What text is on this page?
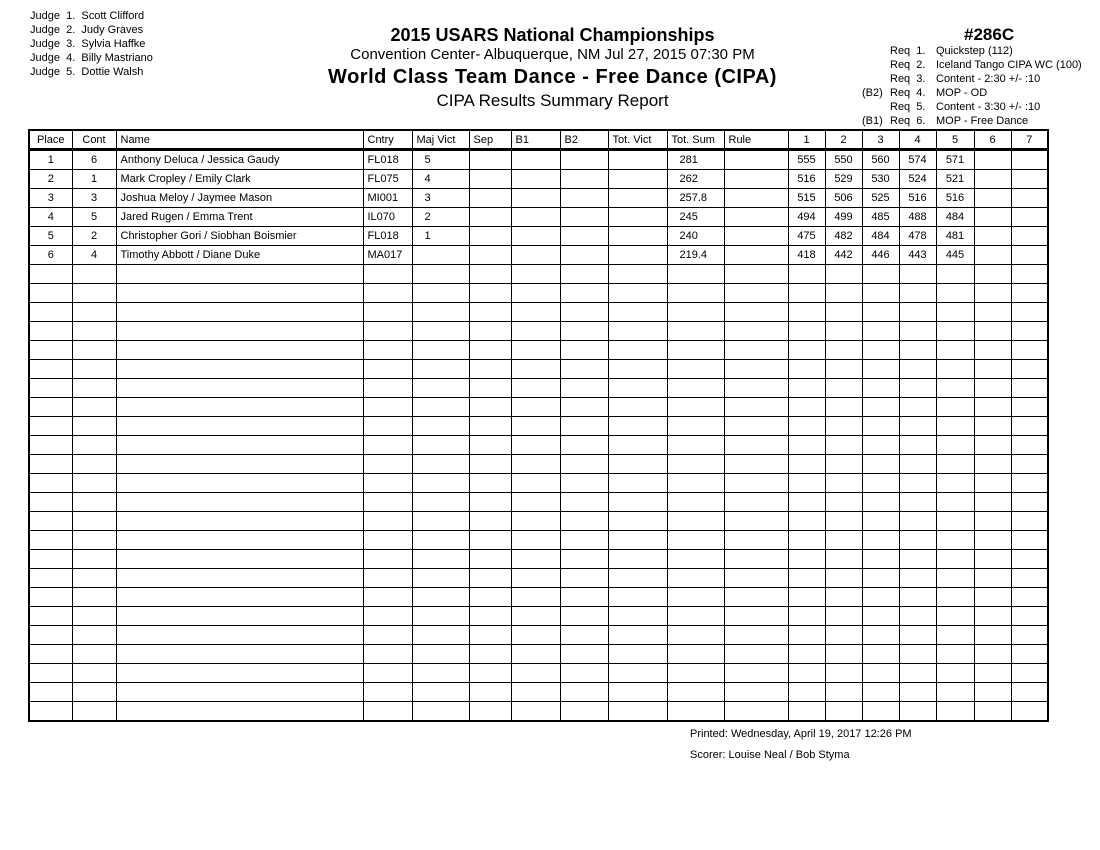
Judge  1. Scott Clifford
Judge  2. Judy Graves
Judge  3. Sylvia Haffke
Judge  4. Billy Mastriano
Judge  5. Dottie Walsh
2015 USARS National Championships
Convention Center- Albuquerque, NM Jul 27, 2015 07:30 PM
World Class Team Dance - Free Dance (CIPA)
CIPA Results Summary Report
#286C
Req  1. Quickstep (112)
Req  2. Iceland Tango CIPA WC (100)
Req  3. Content - 2:30 +/- :10
(B2) Req  4. MOP - OD
Req  5. Content - 3:30 +/- :10
(B1) Req  6. MOP - Free Dance
Place	Cont	Name	Cntry	Maj Vict	Sep	B1	B2	Tot. Vict	Tot. Sum	Rule	1	2	3	4	5	6	7
1	6	Anthony Deluca / Jessica Gaudy	FL018	5					281		555	550	560	574	571		
2	1	Mark Cropley / Emily Clark	FL075	4					262		516	529	530	524	521		
3	3	Joshua Meloy / Jaymee Mason	MI001	3					257.8		515	506	525	516	516		
4	5	Jared Rugen / Emma Trent	IL070	2					245		494	499	485	488	484		
5	2	Christopher Gori / Siobhan Boismier	FL018	1					240		475	482	484	478	481		
6	4	Timothy Abbott / Diane Duke	MA017						219.4		418	442	446	443	445		

Printed: Wednesday, April 19, 2017 12:26 PM
Scorer: Louise Neal / Bob Styma
